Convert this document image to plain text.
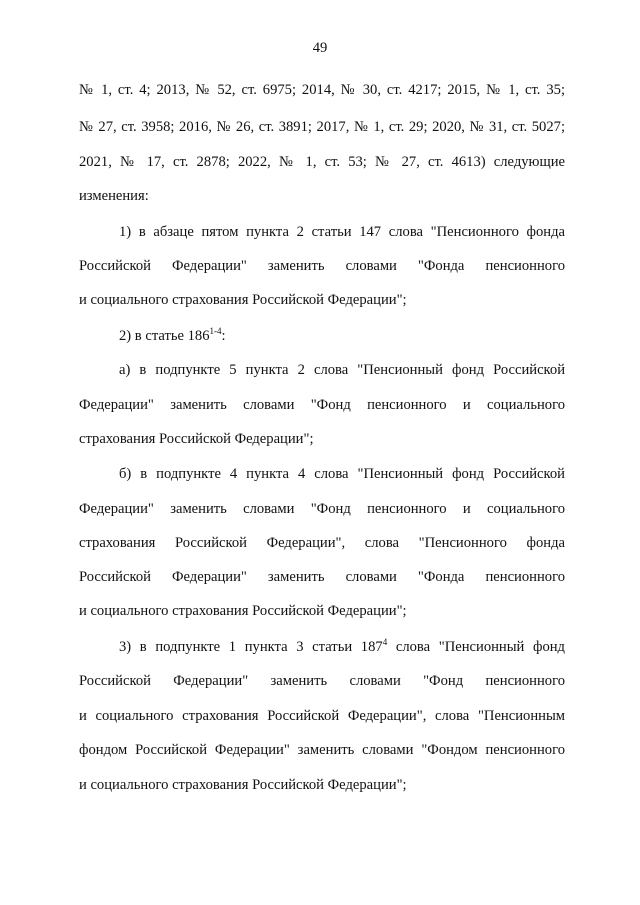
49
№ 1, ст. 4; 2013, № 52, ст. 6975; 2014, № 30, ст. 4217; 2015, № 1, ст. 35;
№ 27, ст. 3958; 2016, № 26, ст. 3891; 2017, № 1, ст. 29; 2020, № 31, ст. 5027;
2021, № 17, ст. 2878; 2022, № 1, ст. 53; № 27, ст. 4613) следующие
изменения:
1) в абзаце пятом пункта 2 статьи 147 слова "Пенсионного фонда
Российской Федерации" заменить словами "Фонда пенсионного
и социального страхования Российской Федерации";
2) в статье 186$^{1-4}$:
а) в подпункте 5 пункта 2 слова "Пенсионный фонд Российской
Федерации" заменить словами "Фонд пенсионного и социального
страхования Российской Федерации";
б) в подпункте 4 пункта 4 слова "Пенсионный фонд Российской
Федерации" заменить словами "Фонд пенсионного и социального
страхования Российской Федерации", слова "Пенсионного фонда
Российской Федерации" заменить словами "Фонда пенсионного
и социального страхования Российской Федерации";
3) в подпункте 1 пункта 3 статьи $187^4$ слова "Пенсионный фонд
Российской Федерации" заменить словами "Фонд пенсионного
и социального страхования Российской Федерации", слова "Пенсионным
фондом Российской Федерации" заменить словами "Фондом пенсионного
и социального страхования Российской Федерации";
